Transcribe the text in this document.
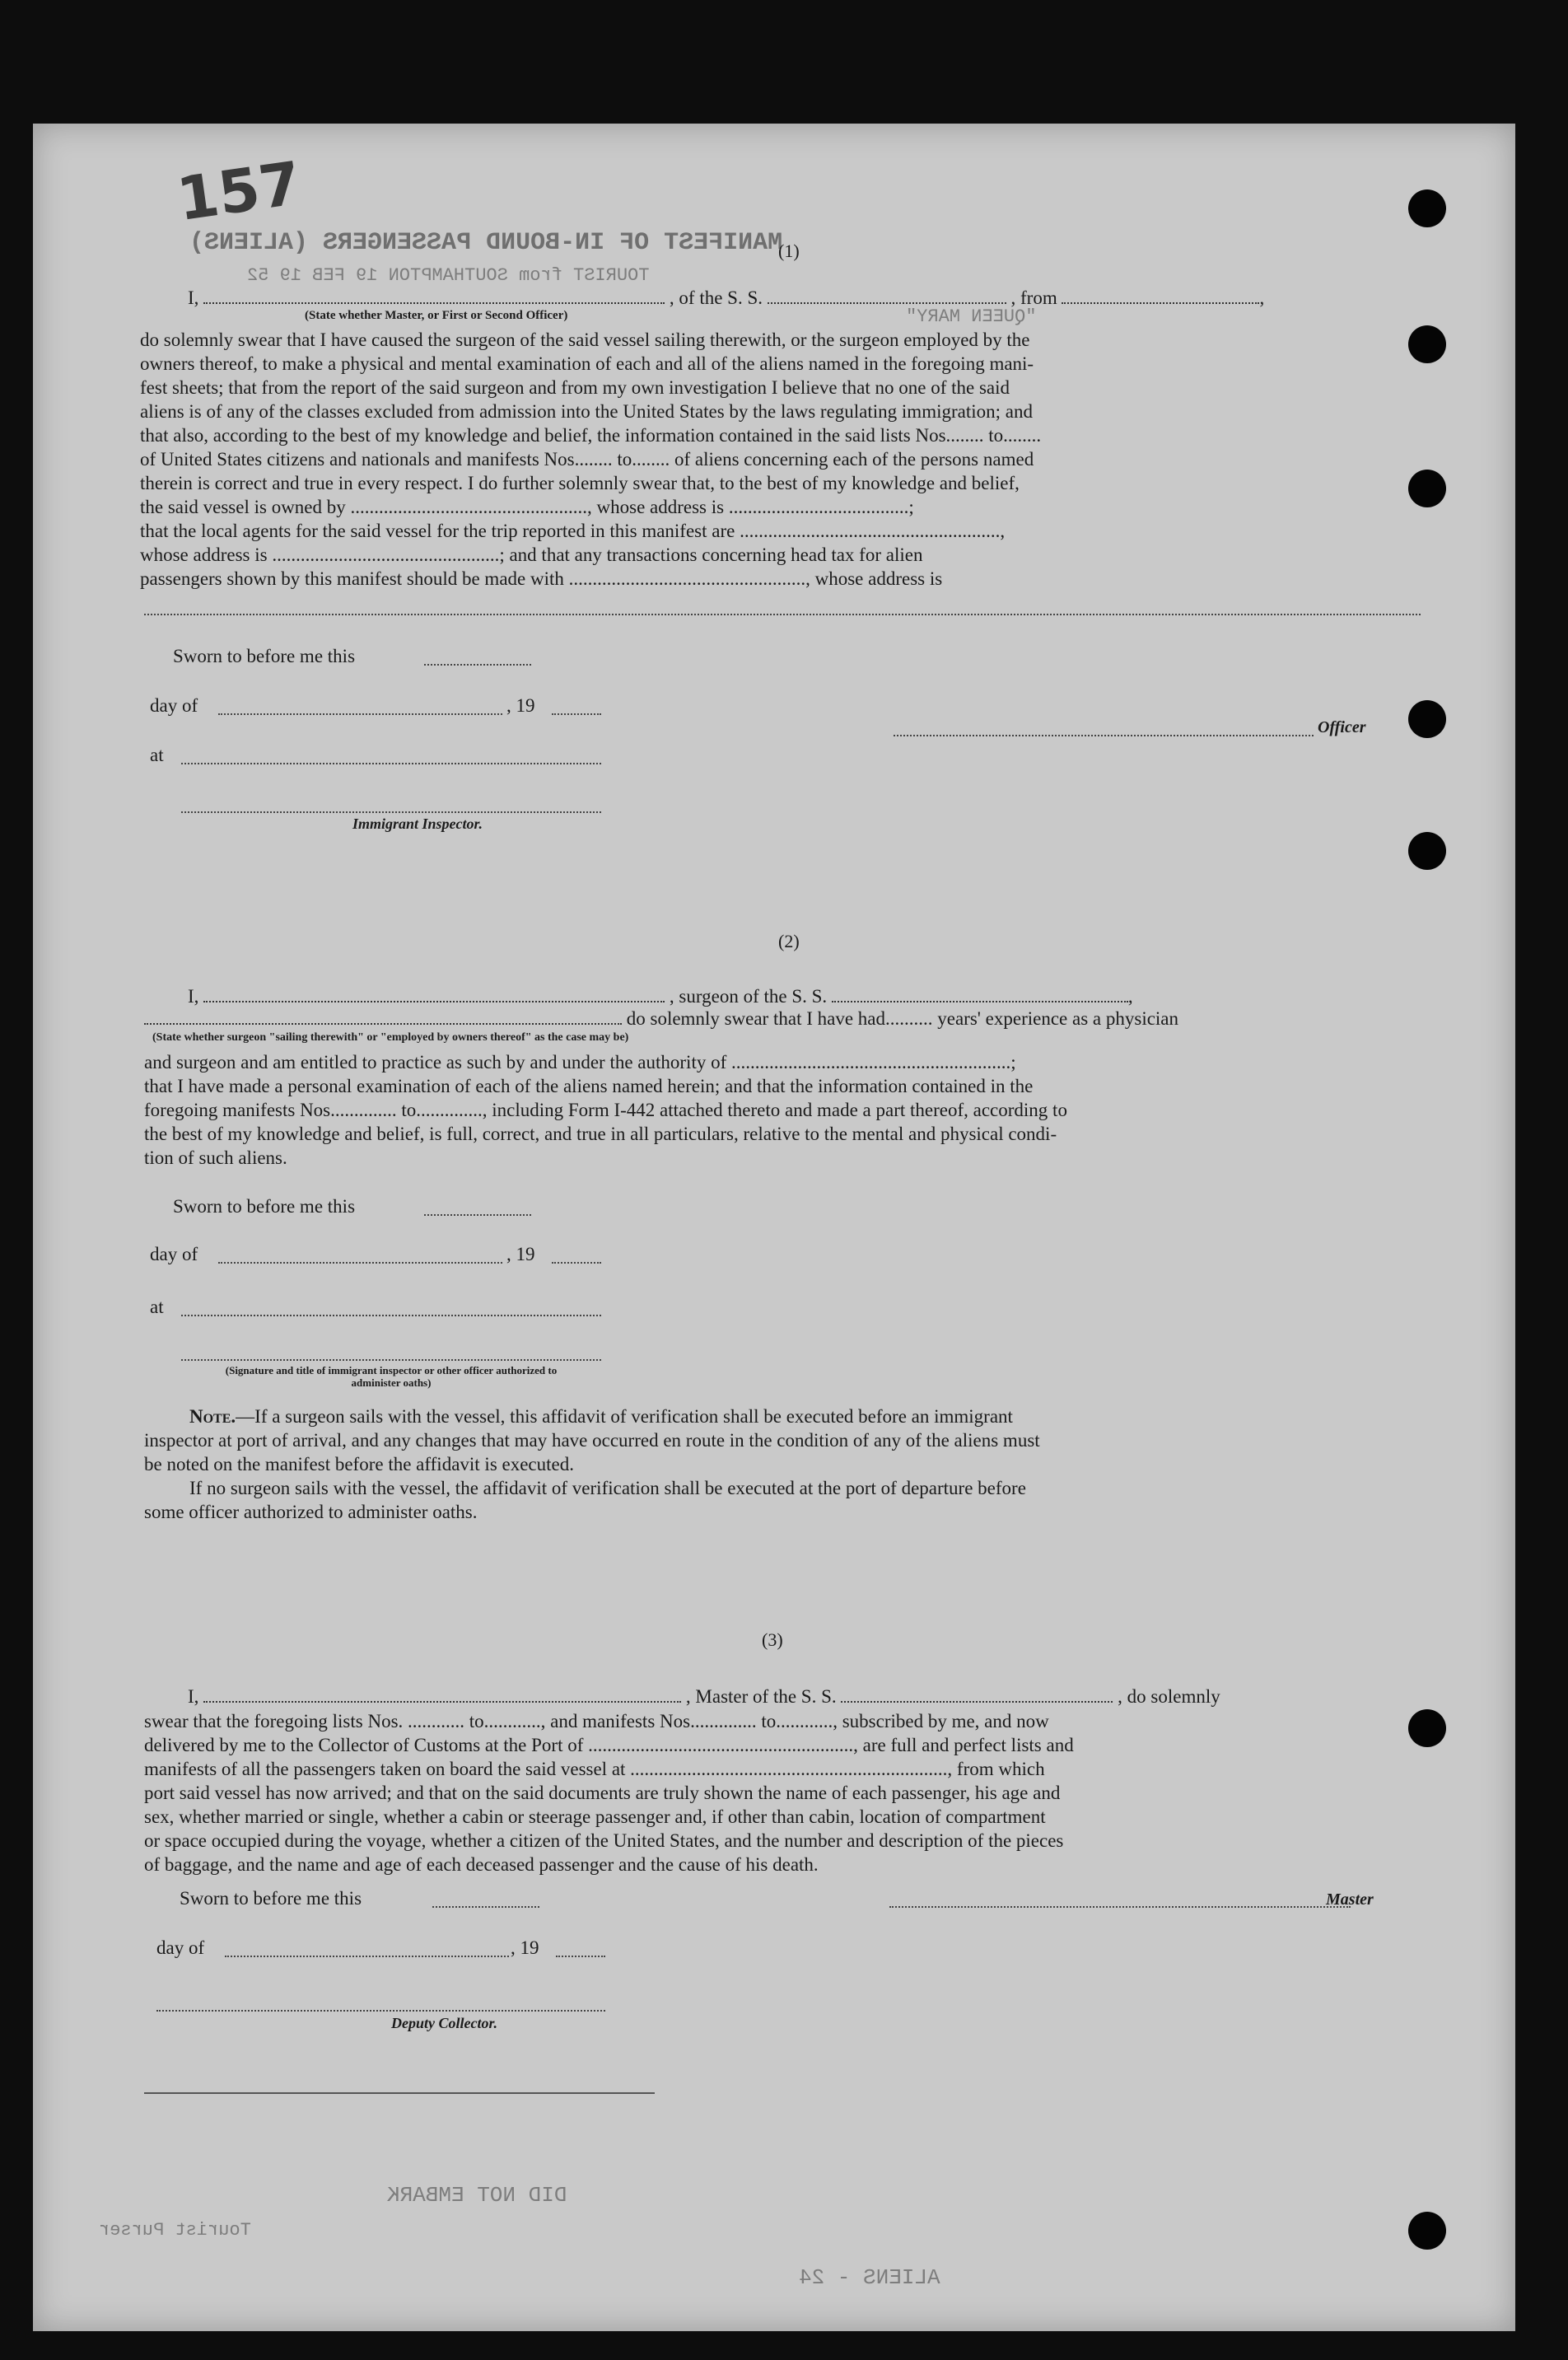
157
MANIFEST OF IN-BOUND PASSENGERS (ALIENS)
TOURIST from SOUTHAMPTON 19 FEB 19 52
"QUEEN MARY"
DID NOT EMBARK
Tourist Purser
ALIENS - 24
(1)
I,	, of the S. S.	, from	,
(State whether Master, or First or Second Officer)
do solemnly swear that I have caused the surgeon of the said vessel sailing therewith, or the surgeon employed by the
owners thereof, to make a physical and mental examination of each and all of the aliens named in the foregoing mani-
fest sheets; that from the report of the said surgeon and from my own investigation I believe that no one of the said
aliens is of any of the classes excluded from admission into the United States by the laws regulating immigration; and
that also, according to the best of my knowledge and belief, the information contained in the said lists Nos........ to........
of United States citizens and nationals and manifests Nos........ to........ of aliens concerning each of the persons named
therein is correct and true in every respect. I do further solemnly swear that, to the best of my knowledge and belief,
the said vessel is owned by .................................................., whose address is ......................................;
that the local agents for the said vessel for the trip reported in this manifest are .......................................................,
whose address is ................................................; and that any transactions concerning head tax for alien
passengers shown by this manifest should be made with .................................................., whose address is
Sworn to before me this
day of	, 19
Officer
at
Immigrant Inspector.
(2)
I,	, surgeon of the S. S.	,
do solemnly swear that I have had.......... years' experience as a physician
(State whether surgeon "sailing therewith" or "employed by owners thereof" as the case may be)
and surgeon and am entitled to practice as such by and under the authority of ...........................................................;
that I have made a personal examination of each of the aliens named herein; and that the information contained in the
foregoing manifests Nos.............. to.............., including Form I-442 attached thereto and made a part thereof, according to
the best of my knowledge and belief, is full, correct, and true in all particulars, relative to the mental and physical condi-
tion of such aliens.
Sworn to before me this
day of	, 19
at
(Signature and title of immigrant inspector or other officer authorized to administer oaths)
Note.—If a surgeon sails with the vessel, this affidavit of verification shall be executed before an immigrant
inspector at port of arrival, and any changes that may have occurred en route in the condition of any of the aliens must
be noted on the manifest before the affidavit is executed.
If no surgeon sails with the vessel, the affidavit of verification shall be executed at the port of departure before
some officer authorized to administer oaths.
(3)
I,	, Master of the S. S.	, do solemnly
swear that the foregoing lists Nos. ............ to............, and manifests Nos.............. to............, subscribed by me, and now
delivered by me to the Collector of Customs at the Port of ........................................................, are full and perfect lists and
manifests of all the passengers taken on board the said vessel at ..................................................................., from which
port said vessel has now arrived; and that on the said documents are truly shown the name of each passenger, his age and
sex, whether married or single, whether a cabin or steerage passenger and, if other than cabin, location of compartment
or space occupied during the voyage, whether a citizen of the United States, and the number and description of the pieces
of baggage, and the name and age of each deceased passenger and the cause of his death.
Sworn to before me this	Master
day of	, 19
Deputy Collector.
